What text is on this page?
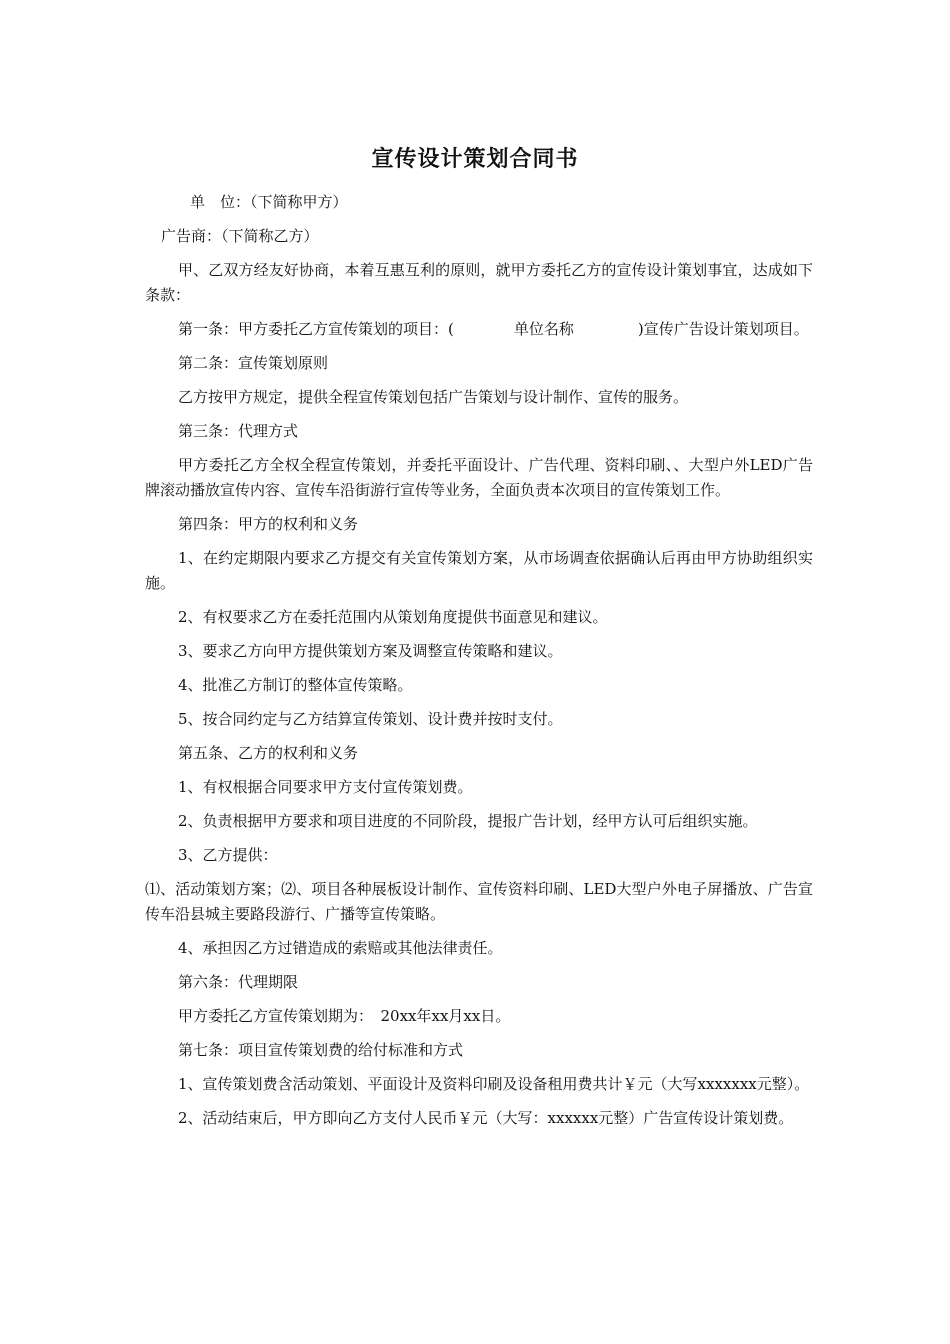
宣传设计策划合同书

单　位：（下简称甲方）

广告商：（下简称乙方）

甲、乙双方经友好协商，本着互惠互利的原则，就甲方委托乙方的宣传设计策划事宜，达成如下条款：

第一条：甲方委托乙方宣传策划的项目：(	单位名称	)宣传广告设计策划项目。

第二条：宣传策划原则

乙方按甲方规定，提供全程宣传策划包括广告策划与设计制作、宣传的服务。

第三条：代理方式

甲方委托乙方全权全程宣传策划，并委托平面设计、广告代理、资料印刷、、大型户外LED广告牌滚动播放宣传内容、宣传车沿街游行宣传等业务，全面负责本次项目的宣传策划工作。

第四条：甲方的权利和义务

1、在约定期限内要求乙方提交有关宣传策划方案，从市场调查依据确认后再由甲方协助组织实施。

2、有权要求乙方在委托范围内从策划角度提供书面意见和建议。

3、要求乙方向甲方提供策划方案及调整宣传策略和建议。

4、批准乙方制订的整体宣传策略。

5、按合同约定与乙方结算宣传策划、设计费并按时支付。

第五条、乙方的权利和义务

1、有权根据合同要求甲方支付宣传策划费。

2、负责根据甲方要求和项目进度的不同阶段，提报广告计划，经甲方认可后组织实施。

3、乙方提供：

⑴、活动策划方案；⑵、项目各种展板设计制作、宣传资料印刷、LED大型户外电子屏播放、广告宣传车沿县城主要路段游行、广播等宣传策略。

4、承担因乙方过错造成的索赔或其他法律责任。

第六条：代理期限

甲方委托乙方宣传策划期为：　20xx年xx月xx日。

第七条：项目宣传策划费的给付标准和方式

1、宣传策划费含活动策划、平面设计及资料印刷及设备租用费共计￥元（大写xxxxxxx元整）。

2、活动结束后，甲方即向乙方支付人民币￥元（大写：xxxxxx元整）广告宣传设计策划费。
